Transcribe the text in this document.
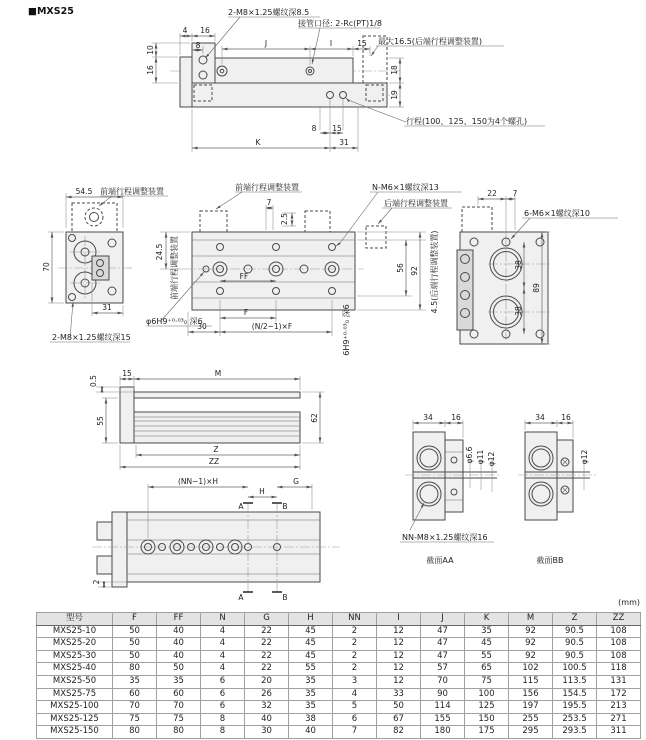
■MXS25
4 16
8
10
16
J	I	15
18
19
8 15
K	31
2-M8×1.25螺纹深8.5
接管口径: 2-Rc(PT)1/8
最大16.5(后端行程调整装置)
行程(100、125、150为4个螺孔)
54.5 前端行程调整装置
70
31
2-M8×1.25螺纹深15
前端行程调整装置	N-M6×1螺纹深13
后端行程调整装置
7
2.5
24.5 前端行程调整装置	FF
F
30	(N/2−1)×F
φ6H9⁺⁰·⁰³₀ 深6	6H9⁺⁰·⁰³₀ 深6
56 92 4.5(后端行程调整装置)
22 7
6-M6×1螺纹深10
38
38
89
0.5
15	M
55	62
Z
ZZ
(NN−1)×H	G
H
A	B
A	B
2
34 16
φ6.6 φ11 φ12
NN-M8×1.25螺纹深16
截面AA
34 16
φ12
截面BB
(mm)
型号	F	FF	N	G	H	NN	I	J	K	M	Z	ZZ
MXS25-10	50	40	4	22	45	2	12	47	35	92	90.5	108
MXS25-20	50	40	4	22	45	2	12	47	45	92	90.5	108
MXS25-30	50	40	4	22	45	2	12	47	55	92	90.5	108
MXS25-40	80	50	4	22	55	2	12	57	65	102	100.5	118
MXS25-50	35	35	6	20	35	3	12	70	75	115	113.5	131
MXS25-75	60	60	6	26	35	4	33	90	100	156	154.5	172
MXS25-100	70	70	6	32	35	5	50	114	125	197	195.5	213
MXS25-125	75	75	8	40	38	6	67	155	150	255	253.5	271
MXS25-150	80	80	8	30	40	7	82	180	175	295	293.5	311
